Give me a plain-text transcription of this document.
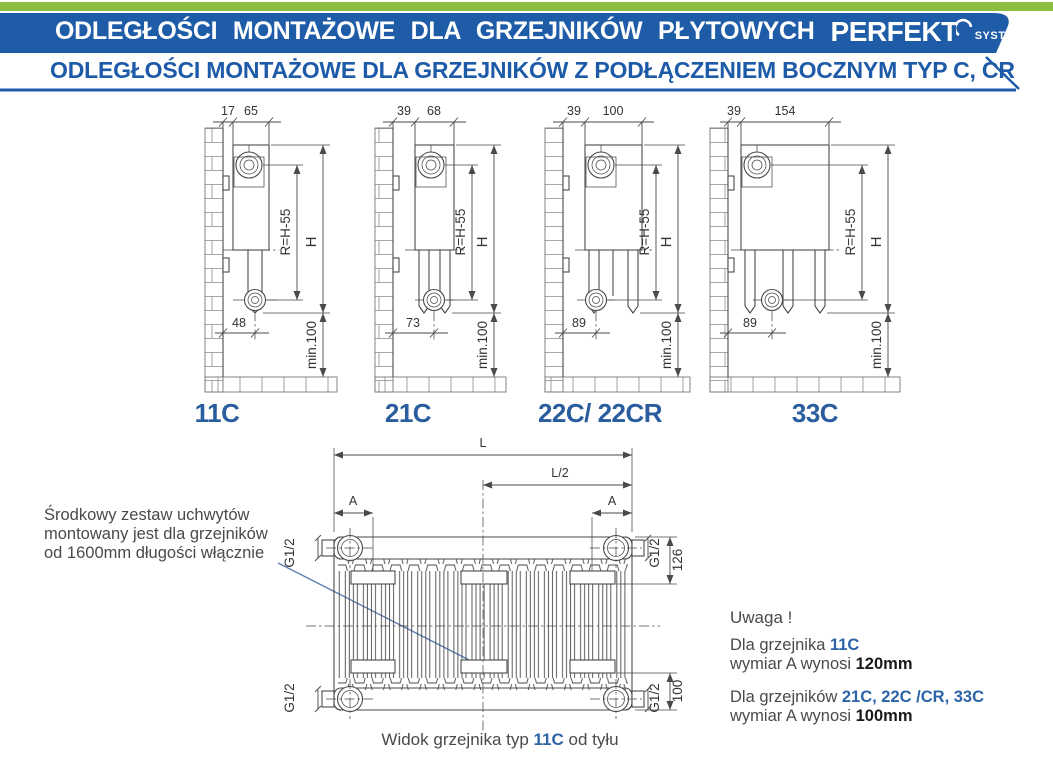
ODLEGŁOŚCI MONTAŻOWE DLA GRZEJNIKÓW PŁYTOWYCH PERFEKT SYSTEM
ODLEGŁOŚCI MONTAŻOWE DLA GRZEJNIKÓW Z PODŁĄCZENIEM BOCZNYM TYP C, CR
17 65
R=H-55 H
min.100
48
39 68
R=H-55 H
min.100
73
39 100
R=H-55 H
min.100
89
39	154
R=H-55 H
min.100
89
11C	21C	22C/ 22CR	33C
L
L/2
A	A
G1/2
G1/2
G1/2
G1/2
126
100
Środkowy zestaw uchwytów
montowany jest dla grzejników
od 1600mm długości włącznie
Uwaga !
Dla grzejnika 11C
wymiar A wynosi 120mm
Dla grzejników 21C, 22C /CR, 33C
wymiar A wynosi 100mm
Widok grzejnika typ 11C od tyłu
